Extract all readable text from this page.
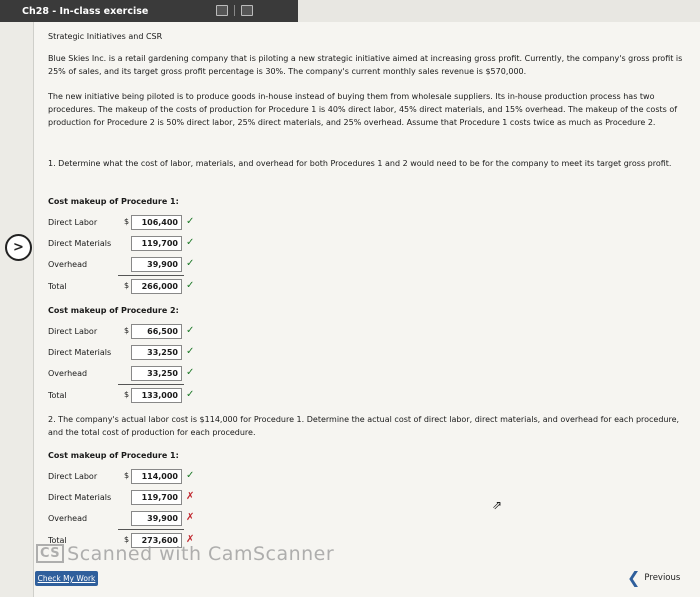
Ch28 - In-class exercise
>
Strategic Initiatives and CSR
Blue Skies Inc. is a retail gardening company that is piloting a new strategic initiative aimed at increasing gross profit. Currently, the company's gross profit is 25% of sales, and its target gross profit percentage is 30%. The company's current monthly sales revenue is $570,000.
The new initiative being piloted is to produce goods in-house instead of buying them from wholesale suppliers. Its in-house production process has two procedures. The makeup of the costs of production for Procedure 1 is 40% direct labor, 45% direct materials, and 15% overhead. The makeup of the costs of production for Procedure 2 is 50% direct labor, 25% direct materials, and 25% overhead. Assume that Procedure 1 costs twice as much as Procedure 2.
1. Determine what the cost of labor, materials, and overhead for both Procedures 1 and 2 would need to be for the company to meet its target gross profit.
Cost makeup of Procedure 1:
Direct Labor	$	106,400 ✓
Direct Materials	119,700 ✓
Overhead	39,900 ✓
Total	$	266,000 ✓
Cost makeup of Procedure 2:
Direct Labor	$	66,500 ✓
Direct Materials	33,250 ✓
Overhead	33,250 ✓
Total	$	133,000 ✓
2. The company's actual labor cost is $114,000 for Procedure 1. Determine the actual cost of direct labor, direct materials, and overhead for each procedure, and the total cost of production for each procedure.
Cost makeup of Procedure 1:
Direct Labor	$	114,000 ✓
Direct Materials	119,700 ✗
Overhead	39,900 ✗
Total	$	273,600 ✗
⇗
CS Scanned with CamScanner
Check My Work	❮ Previous
